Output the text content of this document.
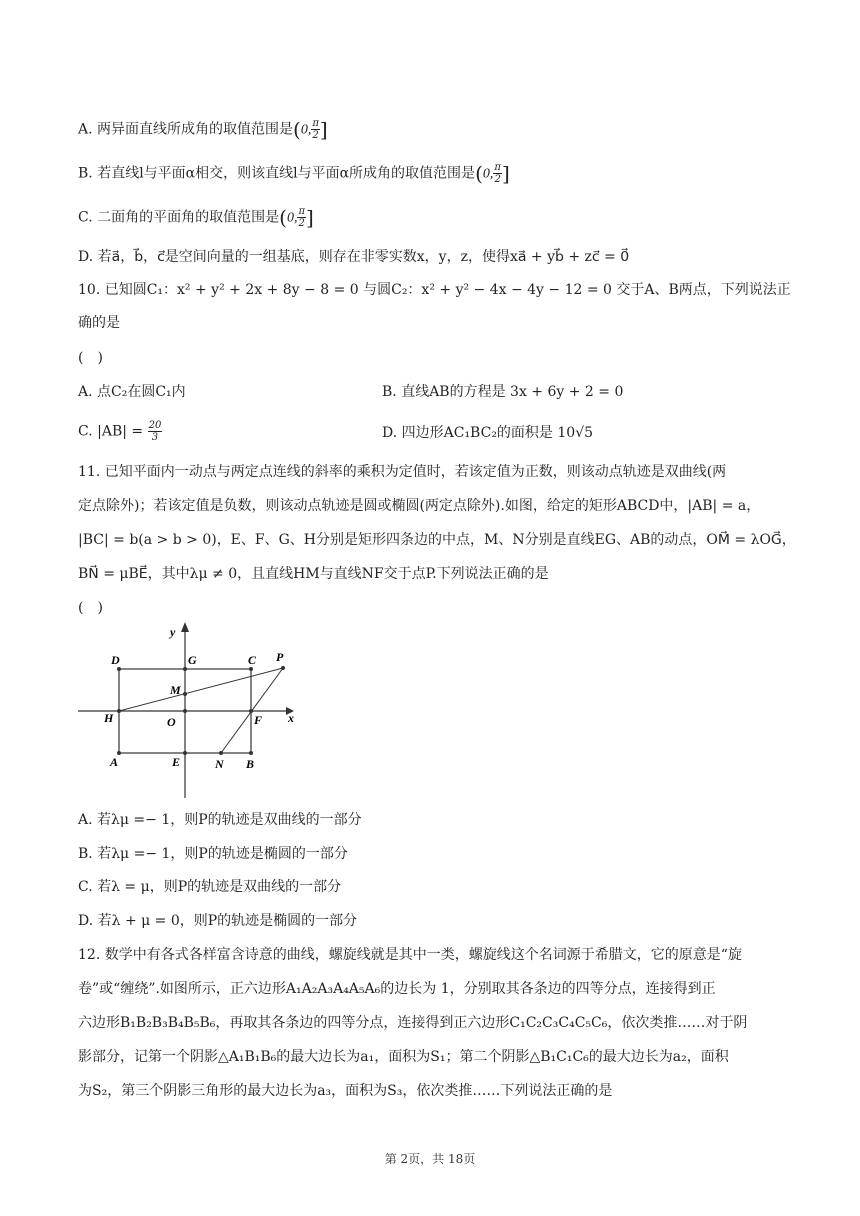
A. 两异面直线所成角的取值范围是(0, $\frac{\pi}{2}$ ]
B. 若直线l与平面α相交，则该直线l与平面α所成角的取值范围是(0, $\frac{\pi}{2}$ ]
C. 二面角的平面角的取值范围是(0, $\frac{\pi}{2}$ ]
D. 若a⃗，b⃗，c⃗是空间向量的一组基底，则存在非零实数x，y，z，使得xa⃗ + yb⃗ + zc⃗ = 0⃗
10. 已知圆C₁：x² + y² + 2x + 8y − 8 = 0 与圆C₂：x² + y² − 4x − 4y − 12 = 0 交于A、B两点，下列说法正
确的是
(　)
A. 点C₂在圆C₁内	B. 直线AB的方程是 3x + 6y + 2 = 0
C. $|AB| = \frac{20}{3}$	D. 四边形AC₁BC₂的面积是 10√5
11. 已知平面内一动点与两定点连线的斜率的乘积为定值时，若该定值为正数，则该动点轨迹是双曲线(两
定点除外)；若该定值是负数，则该动点轨迹是圆或椭圆(两定点除外).如图，给定的矩形ABCD中，|AB| = a，
|BC| = b(a > b > 0)，E、F、G、H分别是矩形四条边的中点，M、N分别是直线EG、AB的动点，OM⃗ = λOG⃗，
BN⃗ = μBE⃗，其中λμ ≠ 0，且直线HM与直线NF交于点P.下列说法正确的是
(　)
y
x
D	G	C P
M
H	O	F
A	E	N B
A. 若λμ =− 1，则P的轨迹是双曲线的一部分
B. 若λμ =− 1，则P的轨迹是椭圆的一部分
C. 若λ = μ，则P的轨迹是双曲线的一部分
D. 若λ + μ = 0，则P的轨迹是椭圆的一部分
12. 数学中有各式各样富含诗意的曲线，螺旋线就是其中一类，螺旋线这个名词源于希腊文，它的原意是“旋
卷”或“缠绕”.如图所示，正六边形A₁A₂A₃A₄A₅A₆的边长为 1，分别取其各条边的四等分点，连接得到正
六边形B₁B₂B₃B₄B₅B₆，再取其各条边的四等分点，连接得到正六边形C₁C₂C₃C₄C₅C₆，依次类推……对于阴
影部分，记第一个阴影△A₁B₁B₆的最大边长为a₁，面积为S₁；第二个阴影△B₁C₁C₆的最大边长为a₂，面积
为S₂，第三个阴影三角形的最大边长为a₃，面积为S₃，依次类推……下列说法正确的是
第 2页，共 18页
